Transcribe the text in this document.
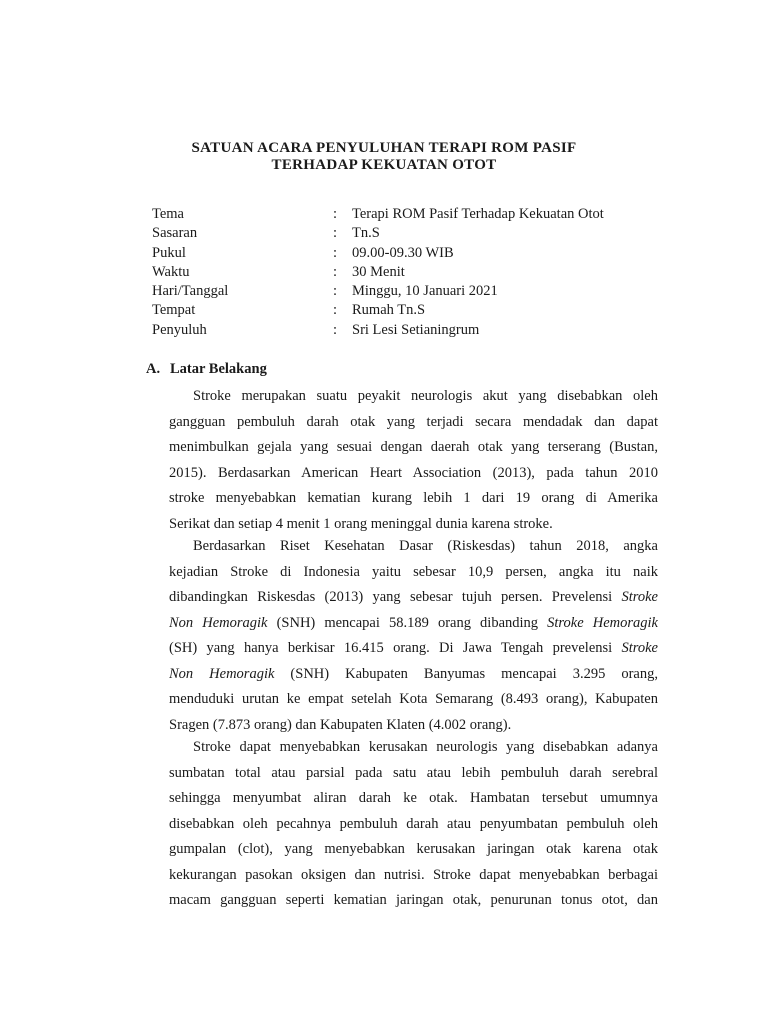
SATUAN ACARA PENYULUHAN TERAPI ROM PASIF
TERHADAP KEKUATAN OTOT
Tema	: Terapi ROM Pasif Terhadap Kekuatan Otot
Sasaran	: Tn.S
Pukul	: 09.00-09.30 WIB
Waktu	: 30 Menit
Hari/Tanggal	: Minggu, 10 Januari 2021
Tempat	: Rumah Tn.S
Penyuluh	: Sri Lesi Setianingrum
A. Latar Belakang
Stroke merupakan suatu peyakit neurologis akut yang disebabkan oleh
gangguan pembuluh darah otak yang terjadi secara mendadak dan dapat
menimbulkan gejala yang sesuai dengan daerah otak yang terserang (Bustan,
2015). Berdasarkan American Heart Association (2013), pada tahun 2010
stroke menyebabkan kematian kurang lebih 1 dari 19 orang di Amerika
Serikat dan setiap 4 menit 1 orang meninggal dunia karena stroke.
Berdasarkan Riset Kesehatan Dasar (Riskesdas) tahun 2018, angka
kejadian Stroke di Indonesia yaitu sebesar 10,9 persen, angka itu naik
dibandingkan Riskesdas (2013) yang sebesar tujuh persen. Prevelensi Stroke
Non Hemoragik (SNH) mencapai 58.189 orang dibanding Stroke Hemoragik
(SH) yang hanya berkisar 16.415 orang. Di Jawa Tengah prevelensi Stroke
Non Hemoragik (SNH) Kabupaten Banyumas mencapai 3.295 orang,
menduduki urutan ke empat setelah Kota Semarang (8.493 orang), Kabupaten
Sragen (7.873 orang) dan Kabupaten Klaten (4.002 orang).
Stroke dapat menyebabkan kerusakan neurologis yang disebabkan adanya
sumbatan total atau parsial pada satu atau lebih pembuluh darah serebral
sehingga menyumbat aliran darah ke otak. Hambatan tersebut umumnya
disebabkan oleh pecahnya pembuluh darah atau penyumbatan pembuluh oleh
gumpalan (clot), yang menyebabkan kerusakan jaringan otak karena otak
kekurangan pasokan oksigen dan nutrisi. Stroke dapat menyebabkan berbagai
macam gangguan seperti kematian jaringan otak, penurunan tonus otot, dan
